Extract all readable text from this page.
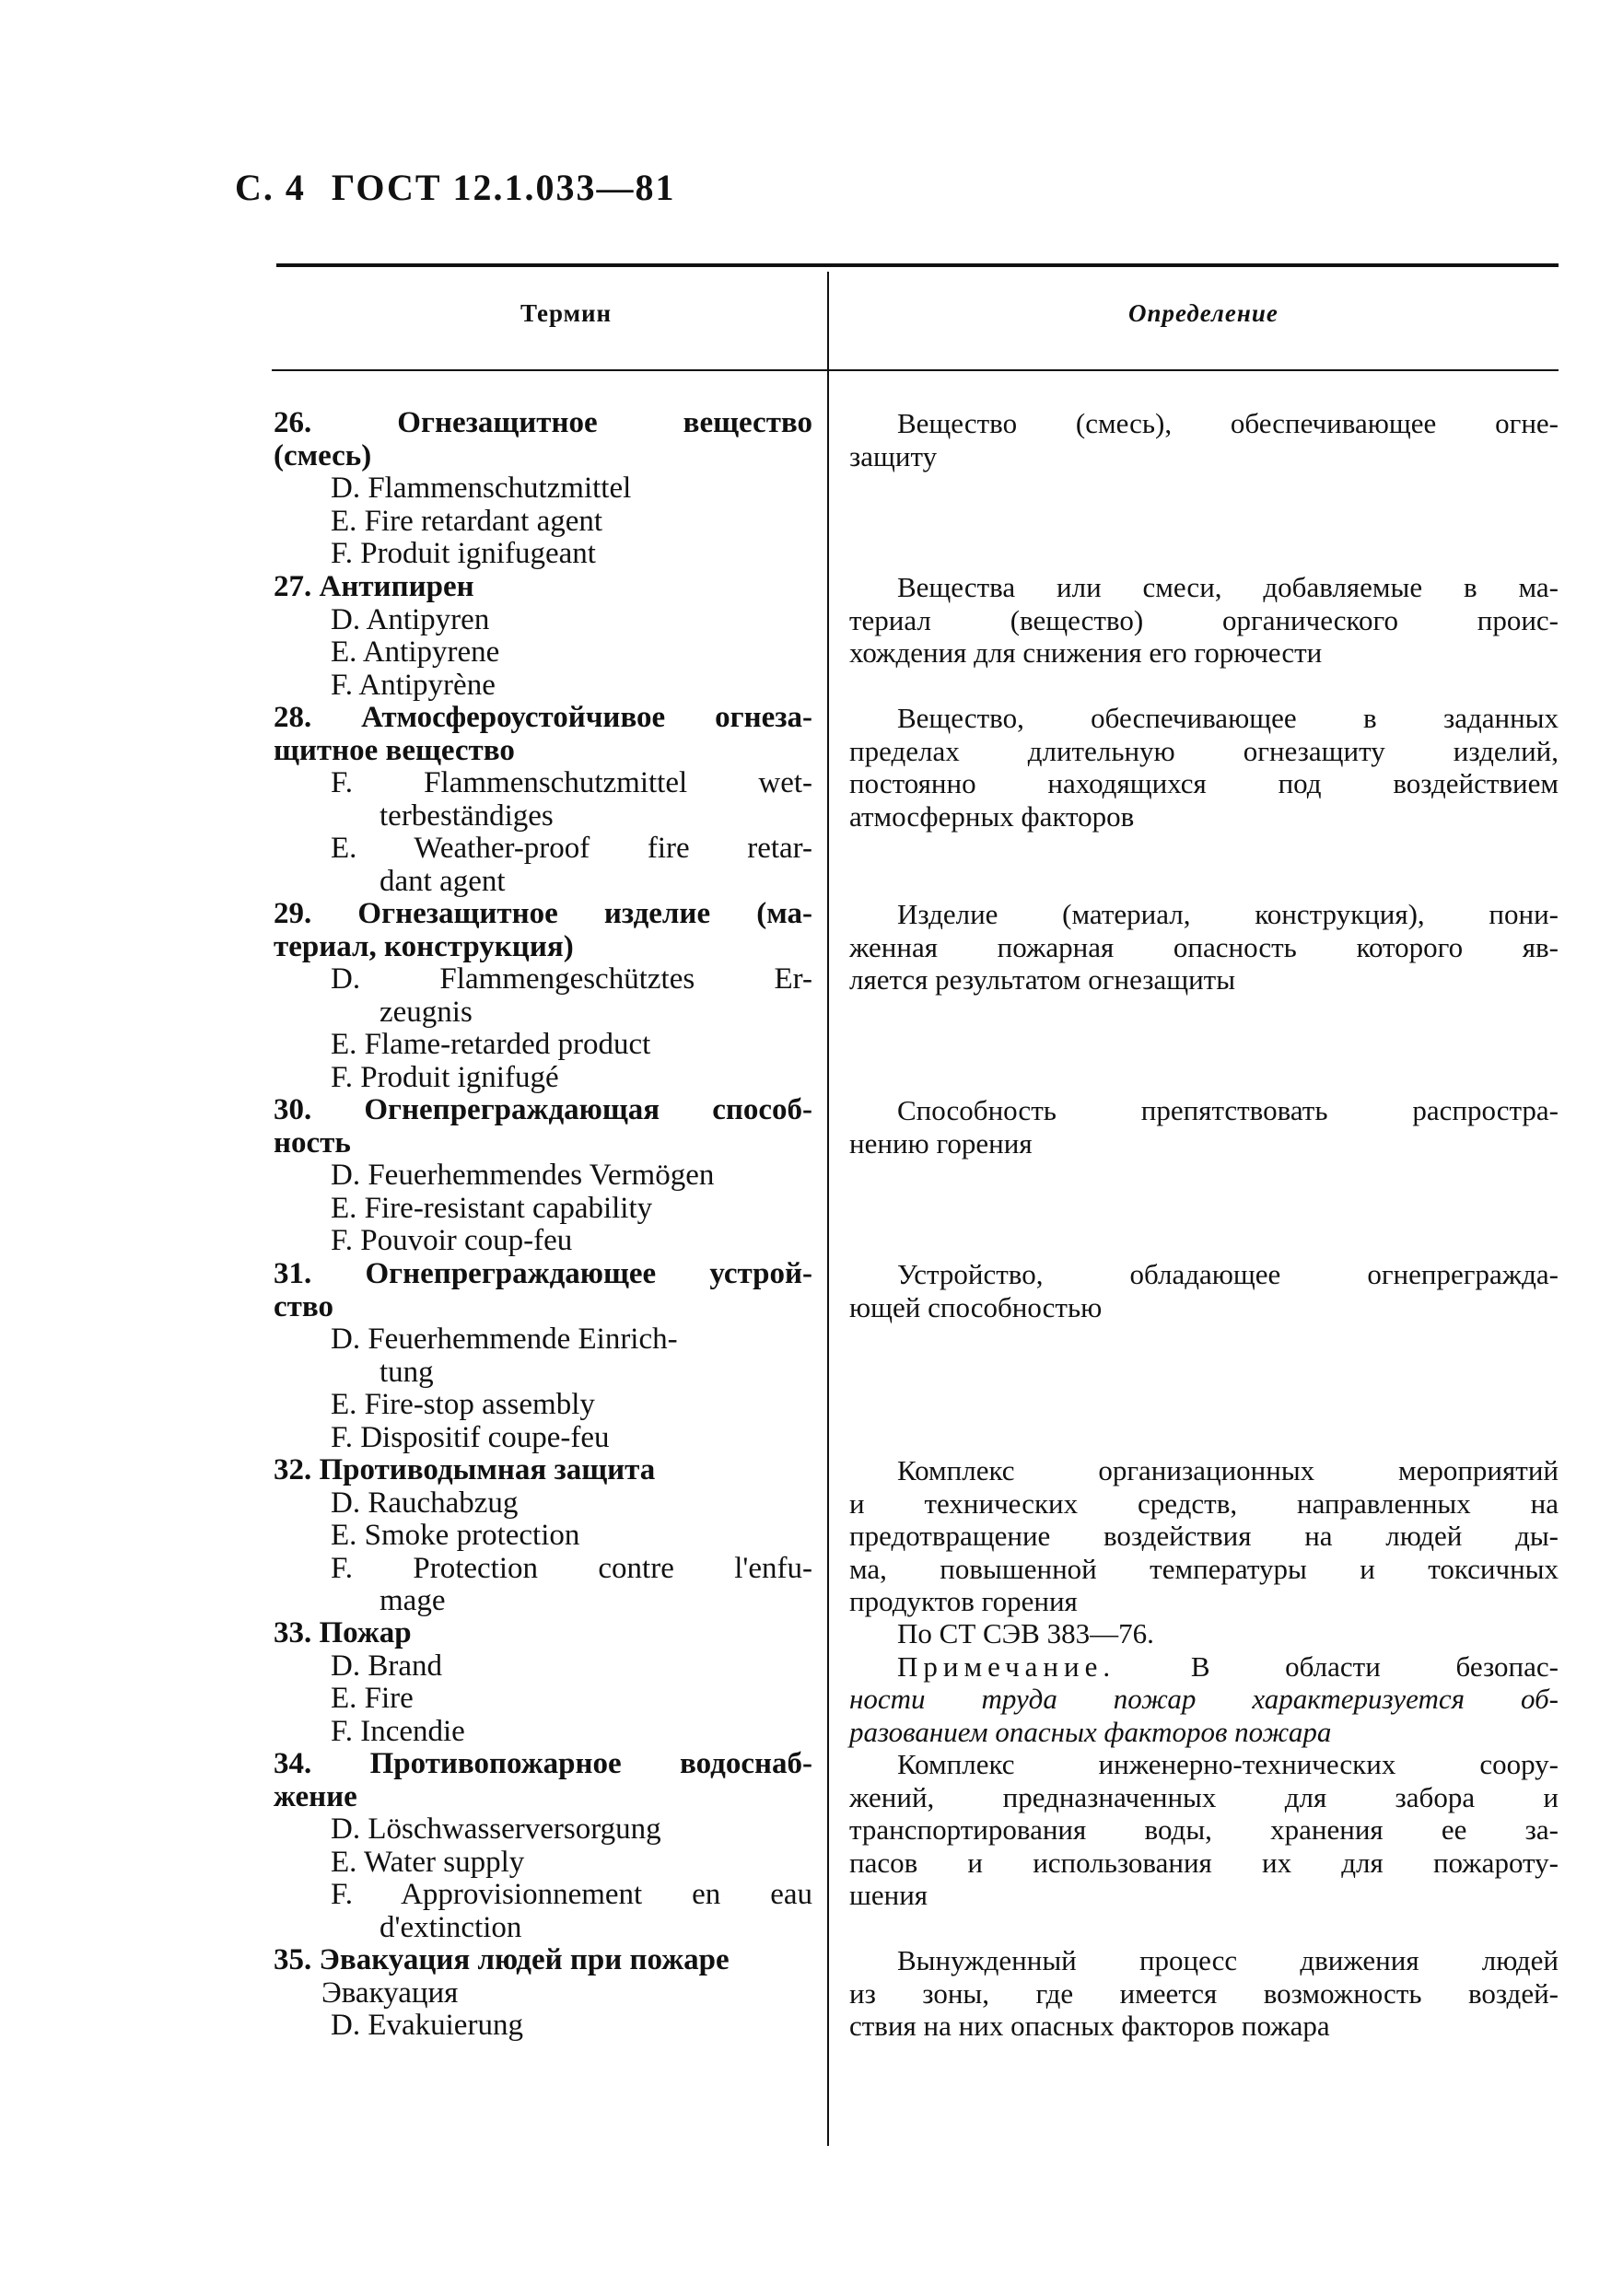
С. 4 ГОСТ 12.1.033—81
Термин	Определение
26. Огнезащитное вещество
(смесь)
D. Flammenschutzmittel
E. Fire retardant agent
F. Produit ignifugeant
Вещество (смесь), обеспечивающее огне-
защиту
27. Антипирен
D. Antipyren
E. Antipyrene
F. Antipyrène
Вещества или смеси, добавляемые в ма-
териал (вещество) органического проис-
хождения для снижения его горючести
28. Атмосфероустойчивое огнеза-
щитное вещество
F. Flammenschutzmittel wet-
terbeständiges
E. Weather-proof fire retar-
dant agent
Вещество, обеспечивающее в заданных
пределах длительную огнезащиту изделий,
постоянно находящихся под воздействием
атмосферных факторов
29. Огнезащитное изделие (ма-
териал, конструкция)
D. Flammengeschütztes Er-
zeugnis
E. Flame-retarded product
F. Produit ignifugé
Изделие (материал, конструкция), пони-
женная пожарная опасность которого яв-
ляется результатом огнезащиты
30. Огнепреграждающая способ-
ность
D. Feuerhemmendes Vermögen
E. Fire-resistant capability
F. Pouvoir coup-feu
Способность препятствовать распростра-
нению горения
31. Огнепреграждающее устрой-
ство
D. Feuerhemmende Einrich-
tung
E. Fire-stop assembly
F. Dispositif coupe-feu
Устройство, обладающее огнепреграждa-
ющей способностью
32. Противодымная защита
D. Rauchabzug
E. Smoke protection
F. Protection contre l'enfu-
mage
Комплекс организационных мероприятий
и технических средств, направленных на
предотвращение воздействия на людей ды-
ма, повышенной температуры и токсичных
продуктов горения
33. Пожар
D. Brand
E. Fire
F. Incendie
По СТ СЭВ 383—76.
Примечание.	В области безопас-
ности труда пожар характеризуется об-
разованием опасных факторов пожара
34. Противопожарное водоснаб-
жение
D. Löschwasserversorgung
E. Water supply
F. Approvisionnement en eau
d'extinction
Комплекс инженерно-технических соору-
жений, предназначенных для забора и
транспортирования воды, хранения ее за-
пасов и использования их для пожароту-
шения
35. Эвакуация людей при пожаре
Эвакуация
D. Evakuierung
Вынужденный процесс движения людей
из зоны, где имеется возможность воздей-
ствия на них опасных факторов пожара
